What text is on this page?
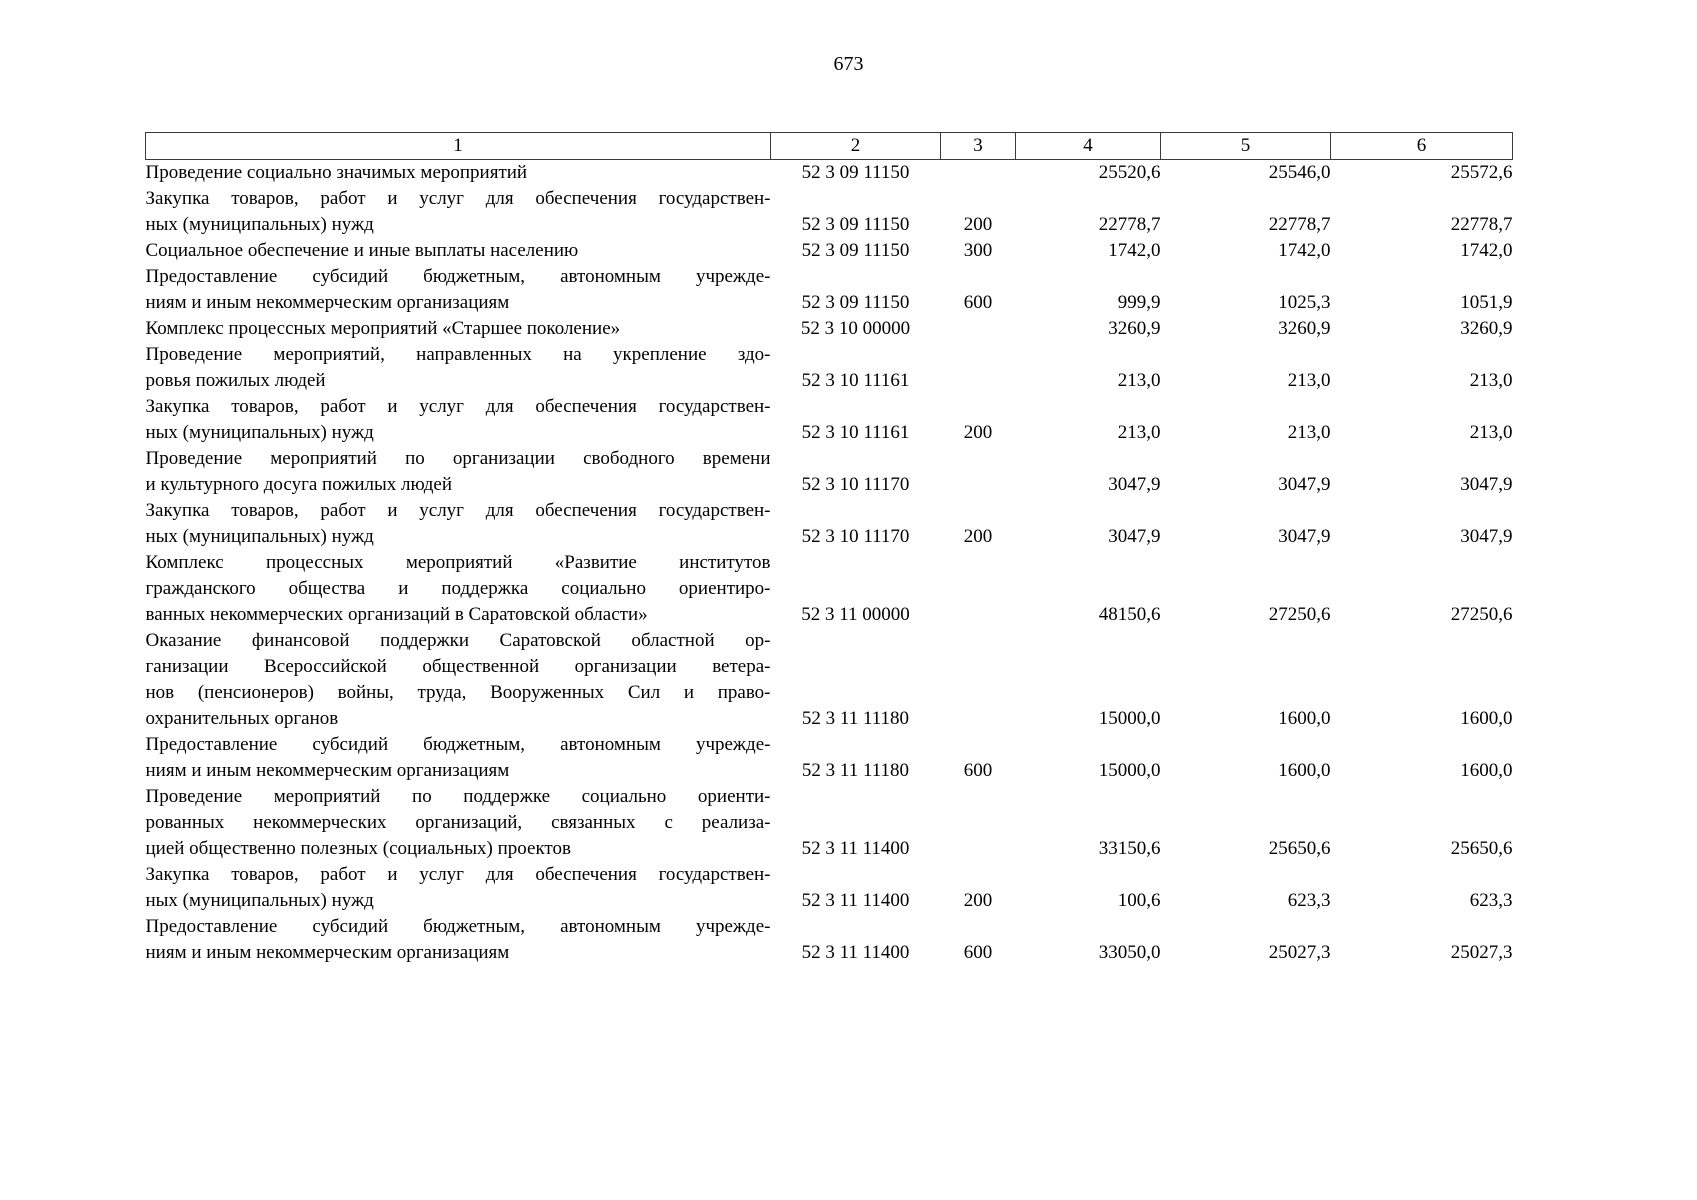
673
1	2	3	4	5	6

Проведение социально значимых мероприятий	52 3 09 11150		25520,6	25546,0	25572,6

Закупка товаров, работ и услуг для обеспечения государствен-
ных (муниципальных) нужд	52 3 09 11150	200	22778,7	22778,7	22778,7

Социальное обеспечение и иные выплаты населению	52 3 09 11150	300	1742,0	1742,0	1742,0

Предоставление субсидий бюджетным, автономным учрежде-
ниям и иным некоммерческим организациям	52 3 09 11150	600	999,9	1025,3	1051,9

Комплекс процессных мероприятий «Старшее поколение»	52 3 10 00000		3260,9	3260,9	3260,9

Проведение мероприятий, направленных на укрепление здо-
ровья пожилых людей	52 3 10 11161		213,0	213,0	213,0

Закупка товаров, работ и услуг для обеспечения государствен-
ных (муниципальных) нужд	52 3 10 11161	200	213,0	213,0	213,0

Проведение мероприятий по организации свободного времени
и культурного досуга пожилых людей	52 3 10 11170		3047,9	3047,9	3047,9

Закупка товаров, работ и услуг для обеспечения государствен-
ных (муниципальных) нужд	52 3 10 11170	200	3047,9	3047,9	3047,9

Комплекс процессных мероприятий «Развитие институтов
гражданского общества и поддержка социально ориентиро-
ванных некоммерческих организаций в Саратовской области»	52 3 11 00000		48150,6	27250,6	27250,6

Оказание финансовой поддержки Саратовской областной ор-
ганизации Всероссийской общественной организации ветера-
нов (пенсионеров) войны, труда, Вооруженных Сил и право-
охранительных органов	52 3 11 11180		15000,0	1600,0	1600,0

Предоставление субсидий бюджетным, автономным учрежде-
ниям и иным некоммерческим организациям	52 3 11 11180	600	15000,0	1600,0	1600,0

Проведение мероприятий по поддержке социально ориенти-
рованных некоммерческих организаций, связанных с реализа-
цией общественно полезных (социальных) проектов	52 3 11 11400		33150,6	25650,6	25650,6

Закупка товаров, работ и услуг для обеспечения государствен-
ных (муниципальных) нужд	52 3 11 11400	200	100,6	623,3	623,3

Предоставление субсидий бюджетным, автономным учрежде-
ниям и иным некоммерческим организациям	52 3 11 11400	600	33050,0	25027,3	25027,3
